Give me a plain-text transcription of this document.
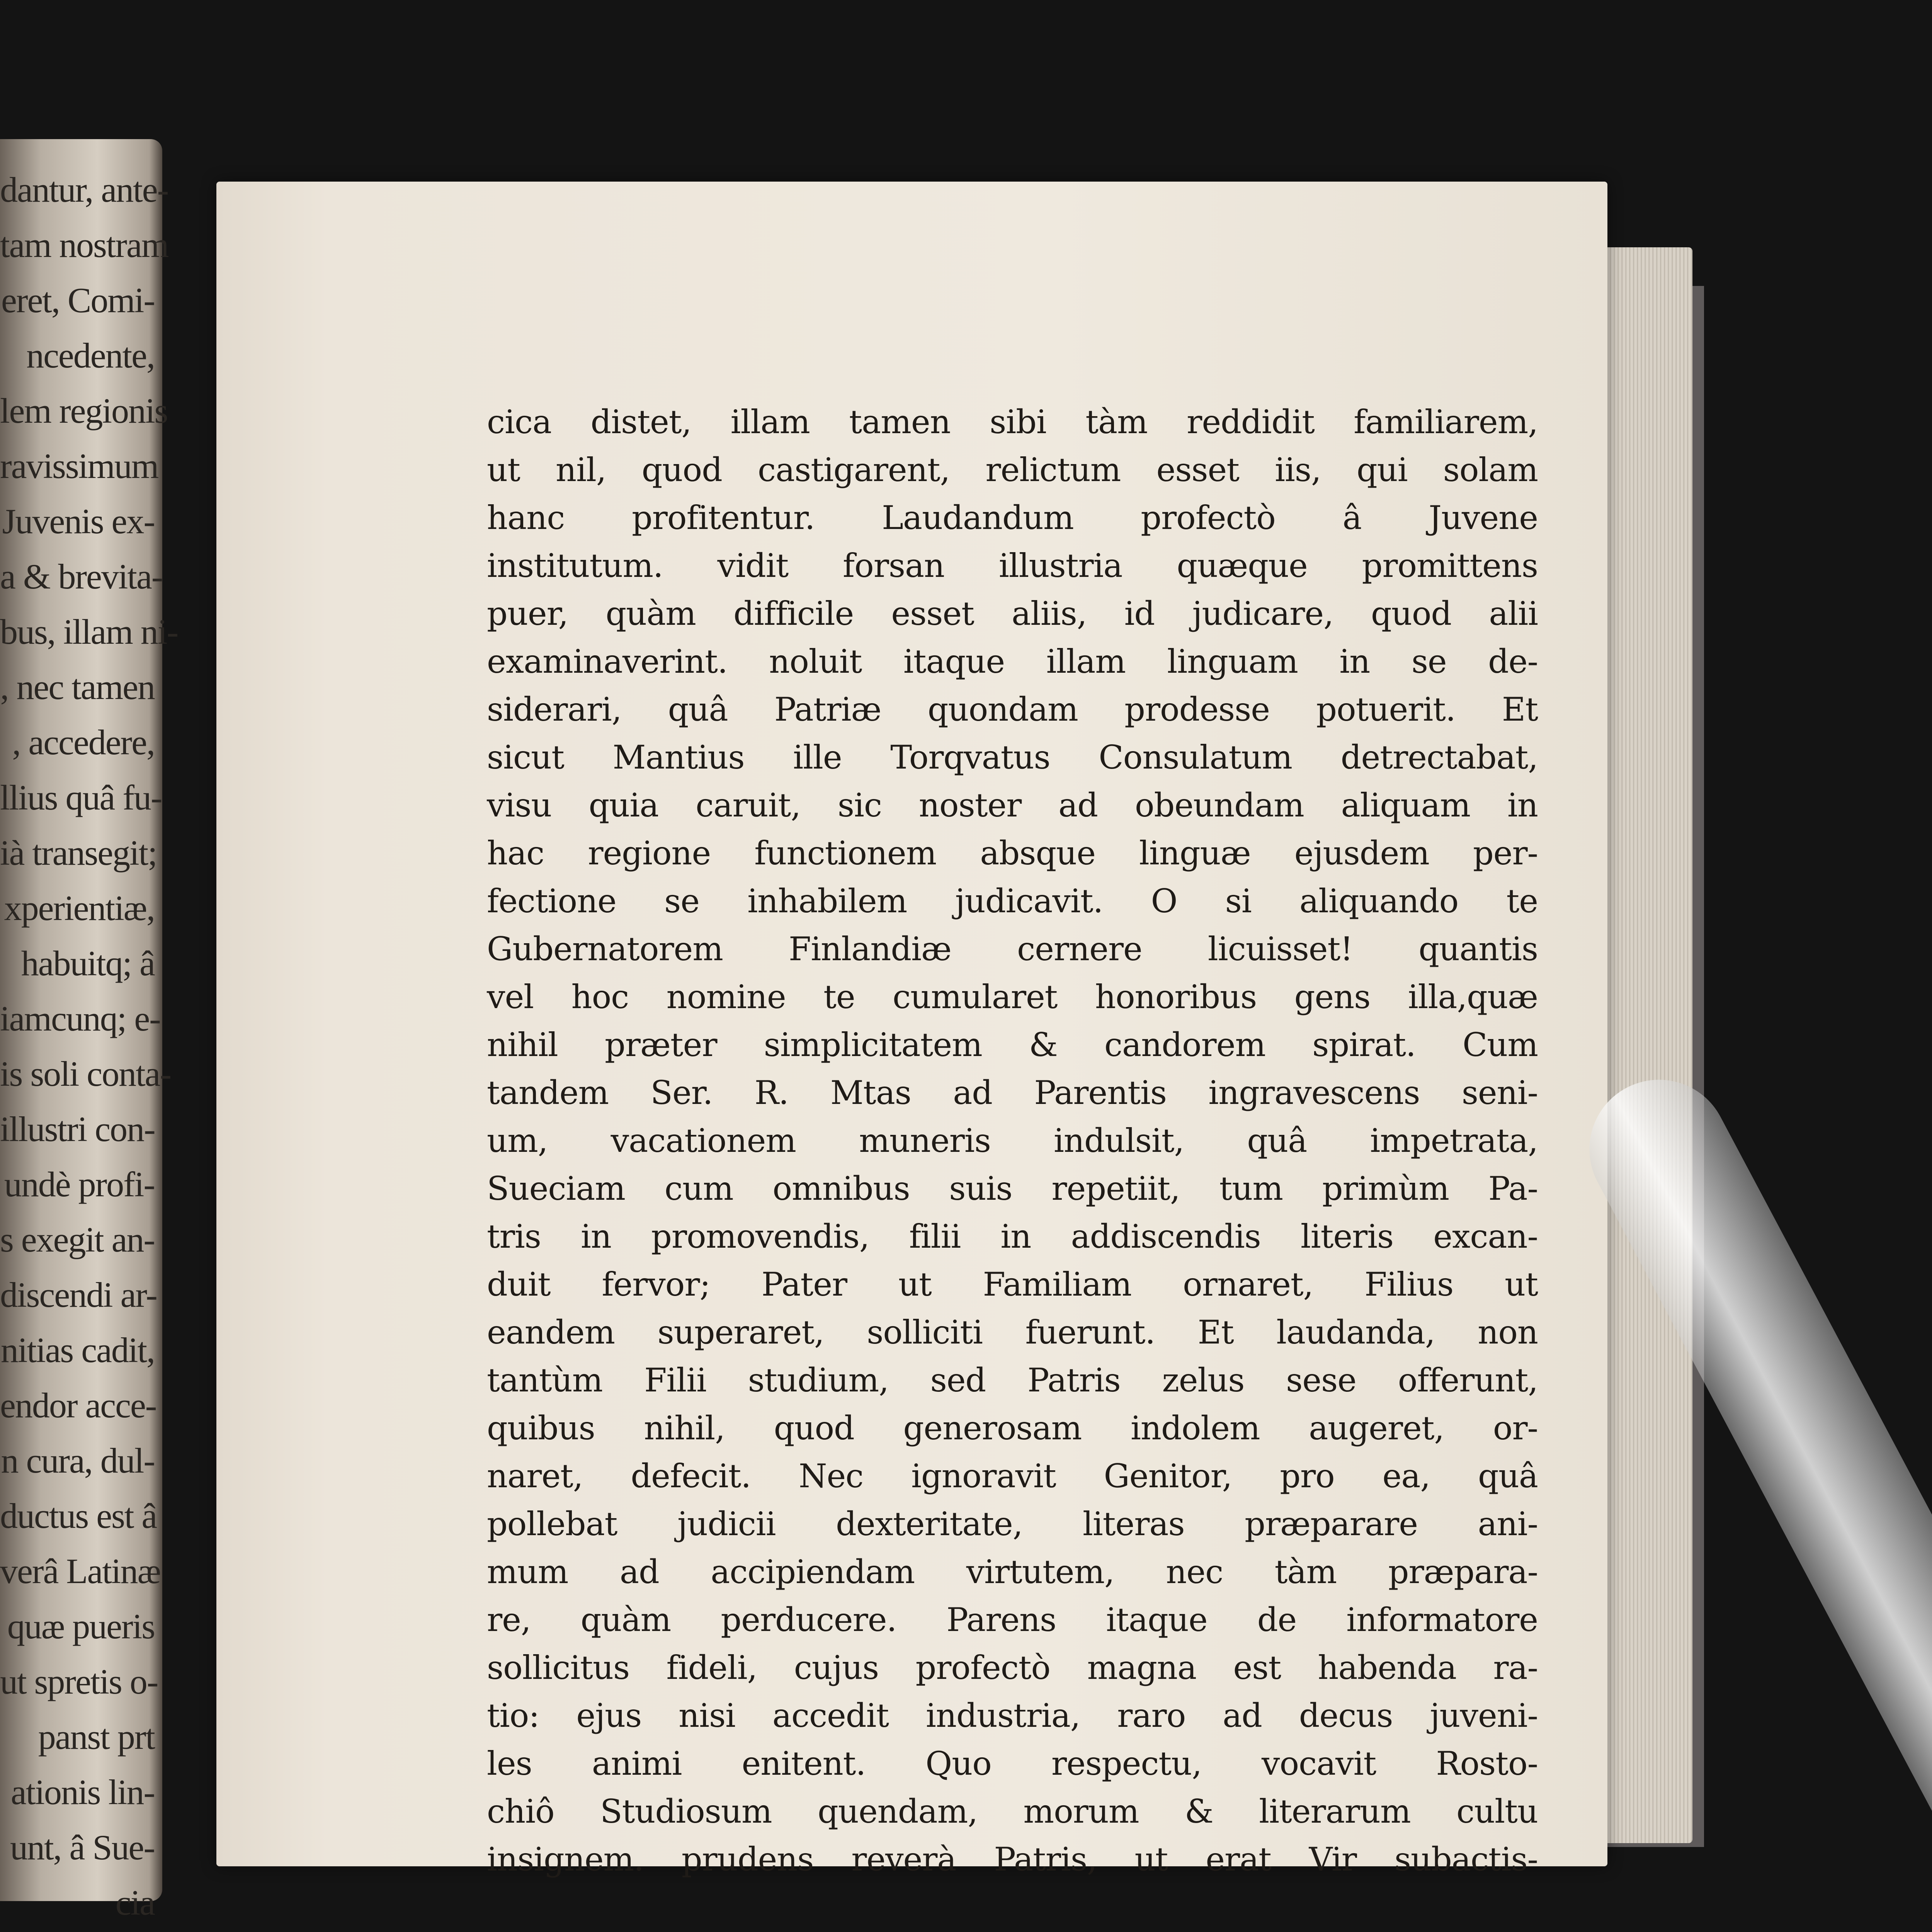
dantur, ante-
tam nostram
eret, Comi-
ncedente,
lem regionis
ravissimum
Juvenis ex-
a & brevita-
bus, illam ni-
, nec tamen
, accedere,
llius quâ fu-
ià transegit;
xperientiæ,
habuitq; â
iamcunq; e-
is soli conta-
illustri con-
undè profi-
s exegit an-
discendi ar-
nitias cadit,
endor acce-
n cura, dul-
ductus est â
verâ Latinæ
quæ pueris
ut spretis o-
panst prt
ationis lin-
unt, â Sue-
cia
cica distet, illam tamen sibi tàm reddidit familiarem,
ut nil, quod castigarent, relictum esset iis, qui solam
hanc profitentur. Laudandum profectò â Juvene
institutum. vidit forsan illustria quæque promittens
puer, quàm difficile esset aliis, id judicare, quod alii
examinaverint. noluit itaque illam linguam in se de-
siderari, quâ Patriæ quondam prodesse potuerit. Et
sicut Mantius ille Torqvatus Consulatum detrectabat,
visu quia caruit, sic noster ad obeundam aliquam in
hac regione functionem absque linguæ ejusdem per-
fectione se inhabilem judicavit. O si aliquando te
Gubernatorem Finlandiæ cernere licuisset! quantis
vel hoc nomine te cumularet honoribus gens illa,quæ
nihil præter simplicitatem & candorem spirat. Cum
tandem Ser. R. Mtas ad Parentis ingravescens seni-
um, vacationem muneris indulsit, quâ impetrata,
Sueciam cum omnibus suis repetiit, tum primùm Pa-
tris in promovendis, filii in addiscendis literis excan-
duit fervor; Pater ut Familiam ornaret, Filius ut
eandem superaret, solliciti fuerunt. Et laudanda, non
tantùm Filii studium, sed Patris zelus sese offerunt,
quibus nihil, quod generosam indolem augeret, or-
naret, defecit. Nec ignoravit Genitor, pro ea, quâ
pollebat judicii dexteritate, literas præparare ani-
mum ad accipiendam virtutem, nec tàm præpara-
re, quàm perducere. Parens itaque de informatore
sollicitus fideli, cujus profectò magna est habenda ra-
tio: ejus nisi accedit industria, raro ad decus juveni-
les animi enitent. Quo respectu, vocavit Rosto-
chiô Studiosum quendam, morum & literarum cultu
insignem. prudens reverà Patris, ut erat Vir subactis-
